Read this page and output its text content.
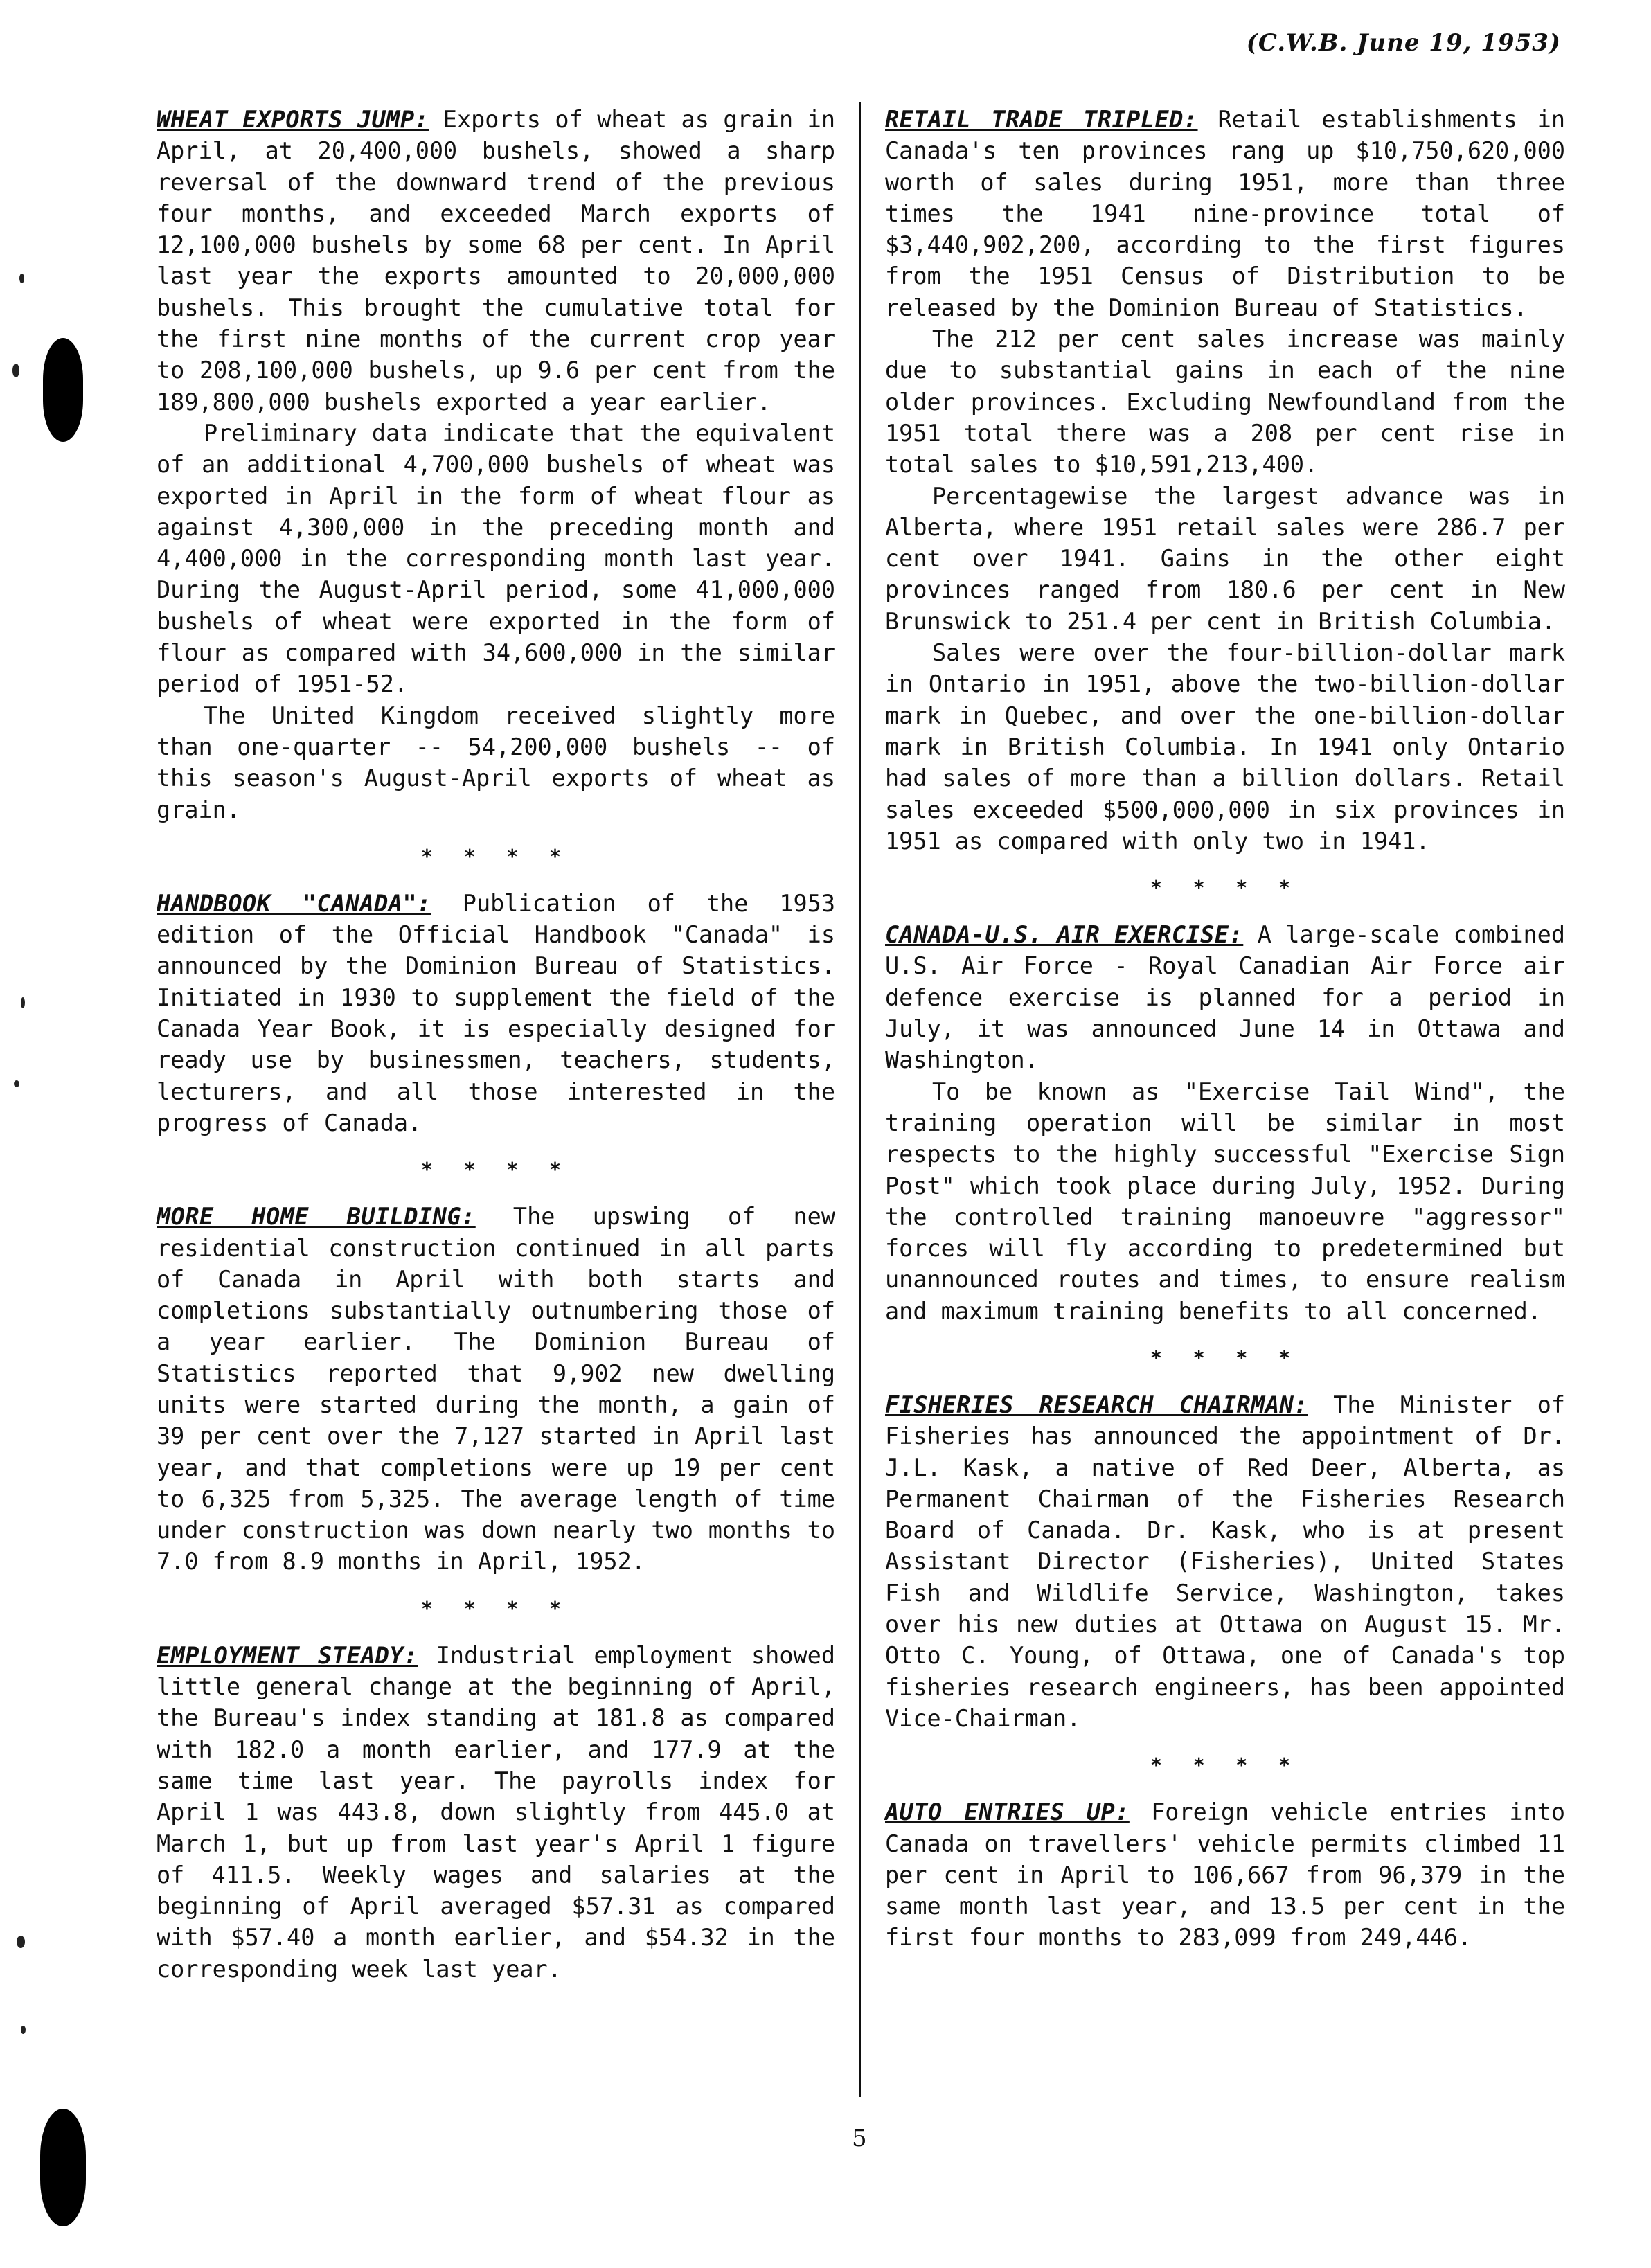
(C.W.B. June 19, 1953)

WHEAT EXPORTS JUMP: Exports of wheat as grain in April, at 20,400,000 bushels, showed a sharp reversal of the downward trend of the previous four months, and exceeded March exports of 12,100,000 bushels by some 68 per cent. In April last year the exports amounted to 20,000,000 bushels. This brought the cumulative total for the first nine months of the current crop year to 208,100,000 bushels, up 9.6 per cent from the 189,800,000 bushels exported a year earlier.

Preliminary data indicate that the equivalent of an additional 4,700,000 bushels of wheat was exported in April in the form of wheat flour as against 4,300,000 in the preceding month and 4,400,000 in the corresponding month last year. During the August-April period, some 41,000,000 bushels of wheat were exported in the form of flour as compared with 34,600,000 in the similar period of 1951-52.

The United Kingdom received slightly more than one-quarter -- 54,200,000 bushels -- of this season's August-April exports of wheat as grain.

* * * *

HANDBOOK "CANADA": Publication of the 1953 edition of the Official Handbook "Canada" is announced by the Dominion Bureau of Statistics. Initiated in 1930 to supplement the field of the Canada Year Book, it is especially designed for ready use by businessmen, teachers, students, lecturers, and all those interested in the progress of Canada.

* * * *

MORE HOME BUILDING: The upswing of new residential construction continued in all parts of Canada in April with both starts and completions substantially outnumbering those of a year earlier. The Dominion Bureau of Statistics reported that 9,902 new dwelling units were started during the month, a gain of 39 per cent over the 7,127 started in April last year, and that completions were up 19 per cent to 6,325 from 5,325. The average length of time under construction was down nearly two months to 7.0 from 8.9 months in April, 1952.

* * * *

EMPLOYMENT STEADY: Industrial employment showed little general change at the beginning of April, the Bureau's index standing at 181.8 as compared with 182.0 a month earlier, and 177.9 at the same time last year. The payrolls index for April 1 was 443.8, down slightly from 445.0 at March 1, but up from last year's April 1 figure of 411.5. Weekly wages and salaries at the beginning of April averaged $57.31 as compared with $57.40 a month earlier, and $54.32 in the corresponding week last year.

RETAIL TRADE TRIPLED: Retail establishments in Canada's ten provinces rang up $10,750,620,000 worth of sales during 1951, more than three times the 1941 nine-province total of $3,440,902,200, according to the first figures from the 1951 Census of Distribution to be released by the Dominion Bureau of Statistics.

The 212 per cent sales increase was mainly due to substantial gains in each of the nine older provinces. Excluding Newfoundland from the 1951 total there was a 208 per cent rise in total sales to $10,591,213,400.

Percentagewise the largest advance was in Alberta, where 1951 retail sales were 286.7 per cent over 1941. Gains in the other eight provinces ranged from 180.6 per cent in New Brunswick to 251.4 per cent in British Columbia.

Sales were over the four-billion-dollar mark in Ontario in 1951, above the two-billion-dollar mark in Quebec, and over the one-billion-dollar mark in British Columbia. In 1941 only Ontario had sales of more than a billion dollars. Retail sales exceeded $500,000,000 in six provinces in 1951 as compared with only two in 1941.

* * * *

CANADA-U.S. AIR EXERCISE: A large-scale combined U.S. Air Force - Royal Canadian Air Force air defence exercise is planned for a period in July, it was announced June 14 in Ottawa and Washington.

To be known as "Exercise Tail Wind", the training operation will be similar in most respects to the highly successful "Exercise Sign Post" which took place during July, 1952. During the controlled training manoeuvre "aggressor" forces will fly according to predetermined but unannounced routes and times, to ensure realism and maximum training benefits to all concerned.

* * * *

FISHERIES RESEARCH CHAIRMAN: The Minister of Fisheries has announced the appointment of Dr. J.L. Kask, a native of Red Deer, Alberta, as Permanent Chairman of the Fisheries Research Board of Canada. Dr. Kask, who is at present Assistant Director (Fisheries), United States Fish and Wildlife Service, Washington, takes over his new duties at Ottawa on August 15. Mr. Otto C. Young, of Ottawa, one of Canada's top fisheries research engineers, has been appointed Vice-Chairman.

* * * *

AUTO ENTRIES UP: Foreign vehicle entries into Canada on travellers' vehicle permits climbed 11 per cent in April to 106,667 from 96,379 in the same month last year, and 13.5 per cent in the first four months to 283,099 from 249,446.

5
